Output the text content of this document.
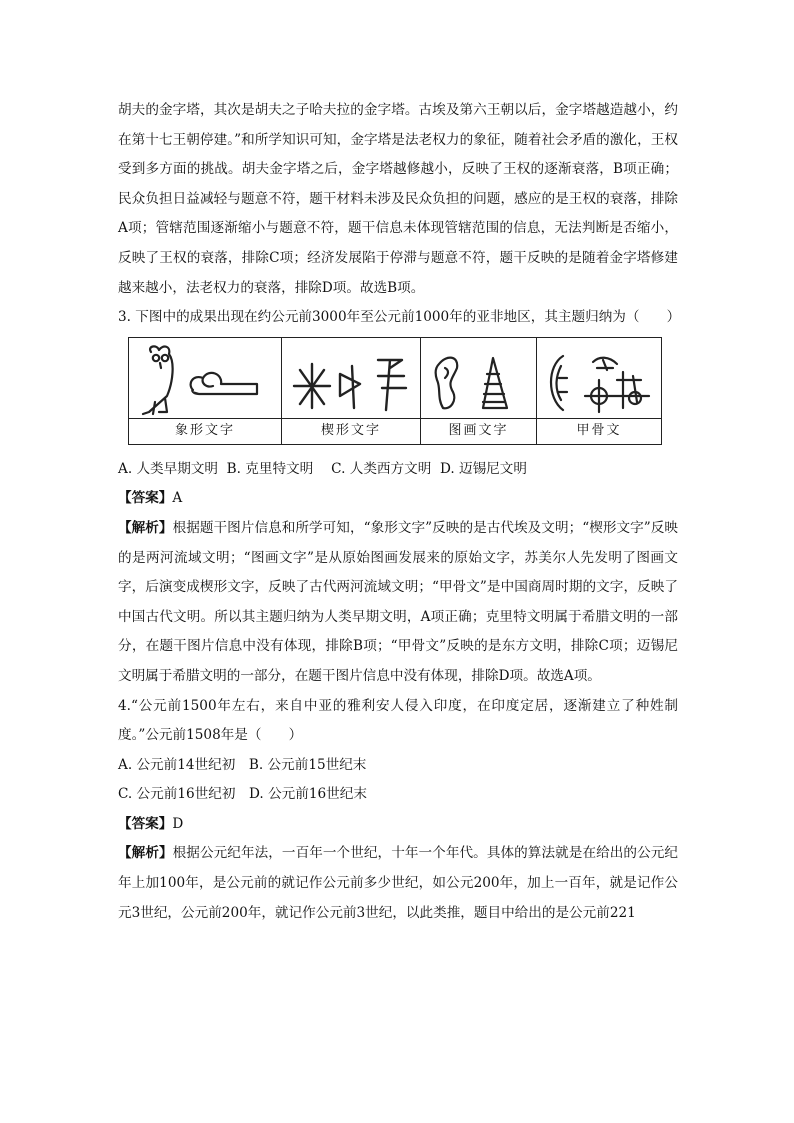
胡夫的金字塔，其次是胡夫之子哈夫拉的金字塔。古埃及第六王朝以后，金字塔越造越小，约在第十七王朝停建。”和所学知识可知，金字塔是法老权力的象征，随着社会矛盾的激化，王权受到多方面的挑战。胡夫金字塔之后，金字塔越修越小，反映了王权的逐渐衰落，B项正确；民众负担日益减轻与题意不符，题干材料未涉及民众负担的问题，感应的是王权的衰落，排除A项；管辖范围逐渐缩小与题意不符，题干信息未体现管辖范围的信息，无法判断是否缩小，反映了王权的衰落，排除C项；经济发展陷于停滞与题意不符，题干反映的是随着金字塔修建越来越小，法老权力的衰落，排除D项。故选B项。

3. 下图中的成果出现在约公元前3000年至公元前1000年的亚非地区，其主题归纳为（　　）

象形文字	楔形文字	图画文字	甲骨文

A. 人类早期文明  B. 克里特文明　 C. 人类西方文明  D. 迈锡尼文明

【答案】A

【解析】根据题干图片信息和所学可知，“象形文字”反映的是古代埃及文明；“楔形文字”反映的是两河流域文明；“图画文字”是从原始图画发展来的原始文字，苏美尔人先发明了图画文字，后演变成楔形文字，反映了古代两河流域文明；“甲骨文”是中国商周时期的文字，反映了中国古代文明。所以其主题归纳为人类早期文明，A项正确；克里特文明属于希腊文明的一部分，在题干图片信息中没有体现，排除B项；“甲骨文”反映的是东方文明，排除C项；迈锡尼文明属于希腊文明的一部分，在题干图片信息中没有体现，排除D项。故选A项。

4.“公元前1500年左右，来自中亚的雅利安人侵入印度，在印度定居，逐渐建立了种姓制度。”公元前1508年是（　　）

A. 公元前14世纪初　B. 公元前15世纪末

C. 公元前16世纪初　D. 公元前16世纪末

【答案】D

【解析】根据公元纪年法，一百年一个世纪，十年一个年代。具体的算法就是在给出的公元纪年上加100年，是公元前的就记作公元前多少世纪，如公元200年，加上一百年，就是记作公元3世纪，公元前200年，就记作公元前3世纪，以此类推，题目中给出的是公元前221
